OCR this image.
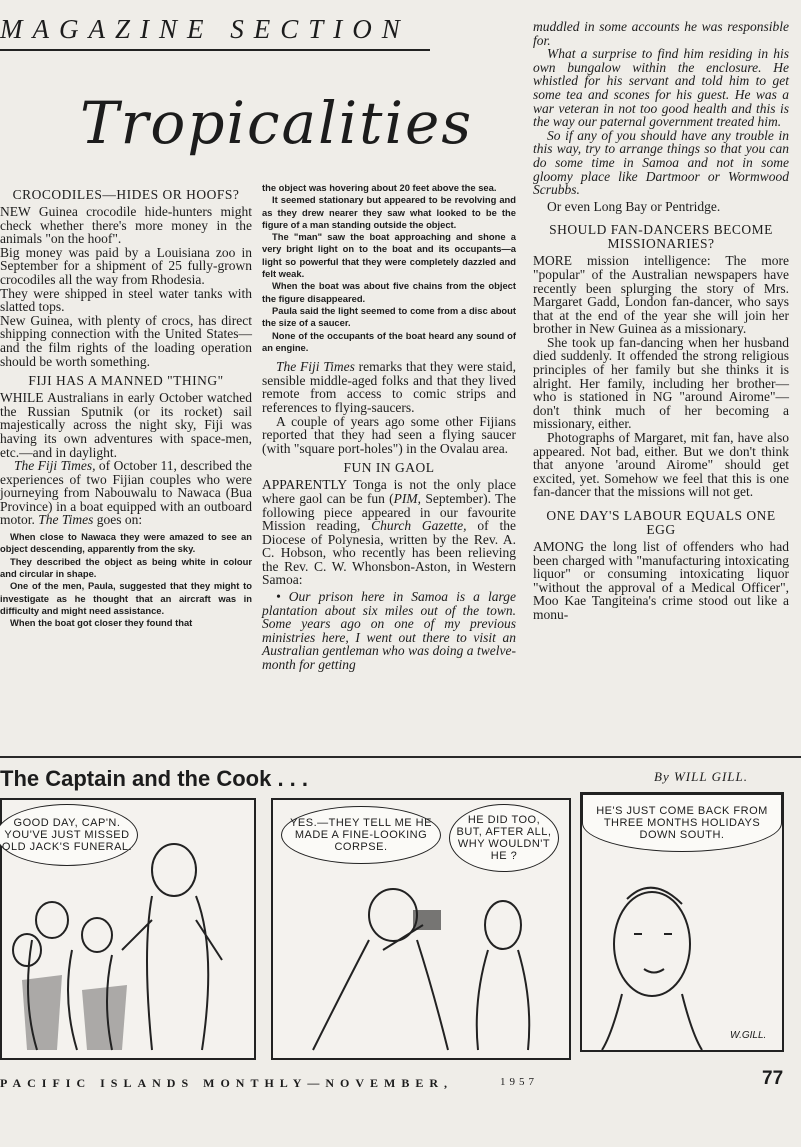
MAGAZINE SECTION
Tropicalities
CROCODILES—HIDES OR HOOFS?

NEW Guinea crocodile hide-hunters might check whether there's more money in the animals "on the hoof".

Big money was paid by a Louisiana zoo in September for a shipment of 25 fully-grown crocodiles all the way from Rhodesia.

They were shipped in steel water tanks with slatted tops.

New Guinea, with plenty of crocs, has direct shipping connection with the United States—and the film rights of the loading operation should be worth something.

FIJI HAS A MANNED "THING"

WHILE Australians in early October watched the Russian Sputnik (or its rocket) sail majestically across the night sky, Fiji was having its own adventures with space-men, etc.—and in daylight.

The Fiji Times, of October 11, described the experiences of two Fijian couples who were journeying from Nabouwalu to Nawaca (Bua Province) in a boat equipped with an outboard motor. The Times goes on:

When close to Nawaca they were amazed to see an object descending, apparently from the sky.

They described the object as being white in colour and circular in shape.

One of the men, Paula, suggested that they might to investigate as he thought that an aircraft was in difficulty and might need assistance.

When the boat got closer they found that

the object was hovering about 20 feet above the sea.

It seemed stationary but appeared to be revolving and as they drew nearer they saw what looked to be the figure of a man standing outside the object.

The "man" saw the boat approaching and shone a very bright light on to the boat and its occupants—a light so powerful that they were completely dazzled and felt weak.

When the boat was about five chains from the object the figure disappeared.

Paula said the light seemed to come from a disc about the size of a saucer.

None of the occupants of the boat heard any sound of an engine.

The Fiji Times remarks that they were staid, sensible middle-aged folks and that they lived remote from access to comic strips and references to flying-saucers.

A couple of years ago some other Fijians reported that they had seen a flying saucer (with "square port-holes") in the Ovalau area.

FUN IN GAOL

APPARENTLY Tonga is not the only place where gaol can be fun (PIM, September). The following piece appeared in our favourite Mission reading, Church Gazette, of the Diocese of Polynesia, written by the Rev. A. C. Hobson, who recently has been relieving the Rev. C. W. Whonsbon-Aston, in Western Samoa:

• Our prison here in Samoa is a large plantation about six miles out of the town. Some years ago on one of my previous ministries here, I went out there to visit an Australian gentleman who was doing a twelve-month for getting

muddled in some accounts he was responsible for.

What a surprise to find him residing in his own bungalow within the enclosure. He whistled for his servant and told him to get some tea and scones for his guest. He was a war veteran in not too good health and this is the way our paternal government treated him.

So if any of you should have any trouble in this way, try to arrange things so that you can do some time in Samoa and not in some gloomy place like Dartmoor or Wormwood Scrubbs.

Or even Long Bay or Pentridge.

SHOULD FAN-DANCERS BECOME MISSIONARIES?

MORE mission intelligence: The more "popular" of the Australian newspapers have recently been splurging the story of Mrs. Margaret Gadd, London fan-dancer, who says that at the end of the year she will join her brother in New Guinea as a missionary.

She took up fan-dancing when her husband died suddenly. It offended the strong religious principles of her family but she thinks it is alright. Her family, including her brother—who is stationed in NG "around Airome"—don't think much of her becoming a missionary, either.

Photographs of Margaret, mit fan, have also appeared. Not bad, either. But we don't think that anyone 'around Airome" should get excited, yet. Somehow we feel that this is one fan-dancer that the missions will not get.

ONE DAY'S LABOUR EQUALS ONE EGG

AMONG the long list of offenders who had been charged with "manufacturing intoxicating liquor" or consuming intoxicating liquor "without the approval of a Medical Officer", Moo Kae Tangiteina's crime stood out like a monu-

The Captain and the Cook . . .	By WILL GILL.
GOOD DAY, CAP'N. YOU'VE JUST MISSED OLD JACK'S FUNERAL.
YES.—THEY TELL ME HE MADE A FINE-LOOKING CORPSE.
HE DID TOO, BUT, AFTER ALL, WHY WOULDN'T HE ?
HE'S JUST COME BACK FROM THREE MONTHS HOLIDAYS DOWN SOUTH.
W.GILL.
PACIFIC ISLANDS MONTHLY—NOVEMBER,	1957	77
